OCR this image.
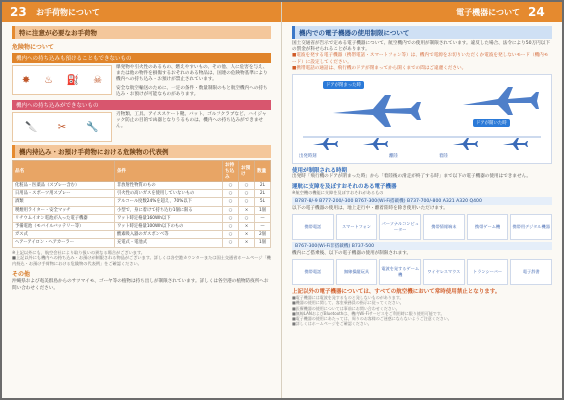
23	お手荷物について
特に注意が必要なお手荷物
危険物について
機内への持ち込みも預けることもできないもの
✸ ♨ ⛽ ☠
爆発物や引火性のあるもの、燃えやすいもの、その他、人に危害を与え、または他の物件を損傷するおそれのある物品は、国連の危険物基準により機内への持ち込み・お預けが禁止されています。
安全な航空輸送のために、一定の条件・数量制限のもと航空機内への持ち込み・お預けが可能なものがあります。
機内への持ち込みができないもの
🔪 ✂ 🔧
刃物類、工具、アイススケート靴、バット、ゴルフクラブなど、ハイジャック防止の目的で凶器となりうるものは、機内への持ち込みができません。
機内持込み・お預け手荷物における危険物の代表例
品名	条件	お持ち込み	お預け	数量
化粧品・医薬品（スプレー含む）	非放射性物質のもの	○	○	2L
日用品・スポーツ用スプレー	引火性の高いガスを使用していないもの	○	○	2L
酒類	アルコール度数24%を超え、70%以下	○	○	5L
喫煙用ライター・安全マッチ	小型で、身に着けて持ち込む1個に限る	○	×	1個
リチウムイオン電池が入った電子機器	ワット時定格量160Wh以下	○	○	—
予備電池（モバイルバッテリー等）	ワット時定格量100Wh以下のもの	○	×	—
ガス式	酸素吸入器のガスボンベ等	○	×	2個
ヘアーアイロン・ヘアカーラー	充電式・電池式	○	×	1個
※上記以外にも、航空会社により取り扱いの異なる場合がございます。
■上記以外にも機内への持ち込み・お預けが制限される物品がございます。詳しくは各空港カウンターまたは国土交通省ホームページ「機内持込・お預け手荷物における危険物の代表例」をご確認ください。
その他
沖縄県および奄美群島からのサツマイモ、ゴーヤ等の植物は持ち出しが制限されています。詳しくは各空港の植物防疫所へお問い合わせください。
電子機器について 24
機内での電子機器の使用制限について
国土交通省が告示で定める電子機器について、航空機内での使用が制限されています。違反した場合、法令により50万円以下の罰金が科せられることがあります。
■電波を発する電子機器（携帯電話・スマートフォン等）は、機内で電源をお切りいただくか電波を発しないモード（機内モード）に設定してください。
■携帯電話の通話は、飛行機のドアが閉まってから開くまでの間はご遠慮ください。
ドアが閉まった時
ドアが開いた時
出発時刻	離陸	着陸
使用が制限される時期
出発時「飛行機のドアが閉まった時」から「着陸後の滑走が終了する時」まで以下の電子機器の使用はできません。
運航に支障を及ぼすおそれのある電子機器
※航空機の機能に支障を及ぼすおそれがあるもの
B787-8/-9 B777-200/-300 B767-300(Wi-Fi搭載機) B737-700/-800 A321 A320 Q400
以下の電子機器の使用は、地上走行中・離着陸時を除き使用いただけます。
携帯電話	スマートフォン
パーソナルコンピューター
携帯情報端末	携帯ゲーム機	携帯用デジタル機器
B767-300(Wi-Fi非搭載機) B737-500
機内にご搭乗後、以下の電子機器の使用が制限されます。
携帯電話	無線操縦玩具
電波を発するゲーム機
ワイヤレスマウス	トランシーバー	電子辞書
上記以外の電子機器については、すべての航空機において常時使用禁止となります。
■電子機器には電波を発するものと発しないものがあります。
■機器の使用に関して、客室乗務員の指示に従ってください。
■医療機器の使用については事前にお問い合わせください。
■無線LANおよびBluetoothは、機内Wi-Fiサービスをご利用時に限り使用可能です。
■電子機器の使用にあたっては、周りのお客様のご迷惑にならないようご注意ください。
■詳しくはホームページをご確認ください。
